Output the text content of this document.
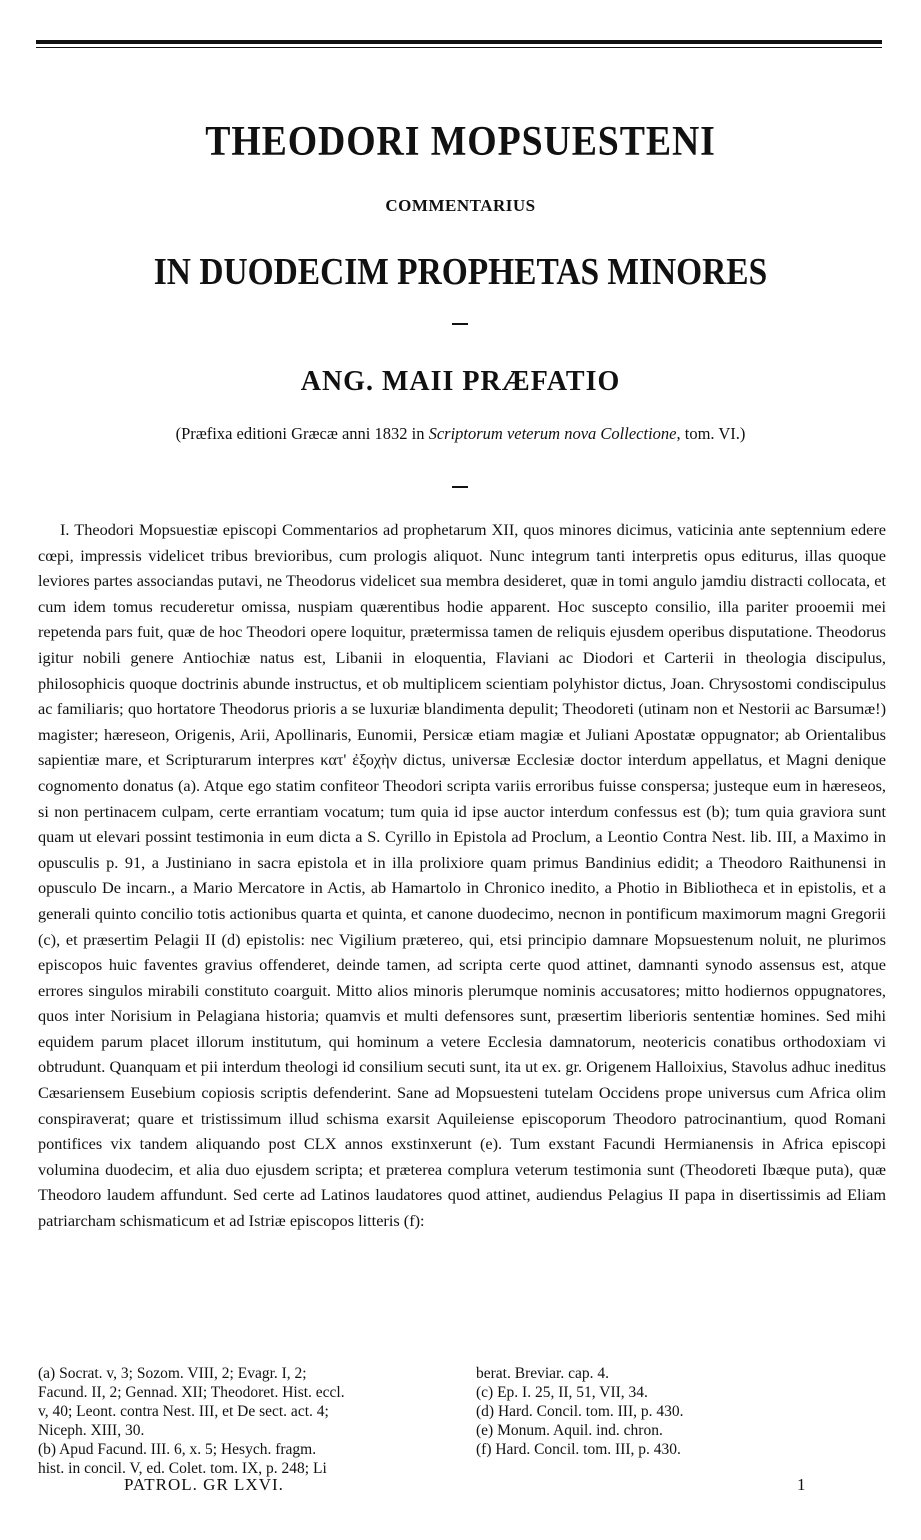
THEODORI MOPSUESTENI
COMMENTARIUS
IN DUODECIM PROPHETAS MINORES
ANG. MAII PRÆFATIO
(Præfixa editioni Græcæ anni 1832 in Scriptorum veterum nova Collectione, tom. VI.)

I. Theodori Mopsuestiæ episcopi Commentarios ad prophetarum XII, quos minores dicimus, vaticinia ante septennium edere cœpi, impressis videlicet tribus brevioribus, cum prologis aliquot. Nunc integrum tanti interpretis opus editurus, illas quoque leviores partes associandas putavi, ne Theodorus videlicet sua membra desideret, quæ in tomi angulo jamdiu distracti collocata, et cum idem tomus recuderetur omissa, nuspiam quærentibus hodie apparent. Hoc suscepto consilio, illa pariter prooemii mei repetenda pars fuit, quæ de hoc Theodori opere loquitur, prætermissa tamen de reliquis ejusdem operibus disputatione. Theodorus igitur nobili genere Antiochiæ natus est, Libanii in eloquentia, Flaviani ac Diodori et Carterii in theologia discipulus, philosophicis quoque doctrinis abunde instructus, et ob multiplicem scientiam polyhistor dictus, Joan. Chrysostomi condiscipulus ac familiaris; quo hortatore Theodorus prioris a se luxuriæ blandimenta depulit; Theodoreti (utinam non et Nestorii ac Barsumæ!) magister; hæreseon, Origenis, Arii, Apollinaris, Eunomii, Persicæ etiam magiæ et Juliani Apostatæ oppugnator; ab Orientalibus sapientiæ mare, et Scripturarum interpres κατ' ἐξοχὴν dictus, universæ Ecclesiæ doctor interdum appellatus, et Magni denique cognomento donatus (a). Atque ego statim confiteor Theodori scripta variis erroribus fuisse conspersa; justeque eum in hæreseos, si non pertinacem culpam, certe errantiam vocatum; tum quia id ipse auctor interdum confessus est (b); tum quia graviora sunt quam ut elevari possint testimonia in eum dicta a S. Cyrillo in Epistola ad Proclum, a Leontio Contra Nest. lib. III, a Maximo in opusculis p. 91, a Justiniano in sacra epistola et in illa prolixiore quam primus Bandinius edidit; a Theodoro Raithunensi in opusculo De incarn., a Mario Mercatore in Actis, ab Hamartolo in Chronico inedito, a Photio in Bibliotheca et in epistolis, et a generali quinto concilio totis actionibus quarta et quinta, et canone duodecimo, necnon in pontificum maximorum magni Gregorii (c), et præsertim Pelagii II (d) epistolis: nec Vigilium prætereo, qui, etsi principio damnare Mopsuestenum noluit, ne plurimos episcopos huic faventes gravius offenderet, deinde tamen, ad scripta certe quod attinet, damnanti synodo assensus est, atque errores singulos mirabili constituto coarguit. Mitto alios minoris plerumque nominis accusatores; mitto hodiernos oppugnatores, quos inter Norisium in Pelagiana historia; quamvis et multi defensores sunt, præsertim liberioris sententiæ homines. Sed mihi equidem parum placet illorum institutum, qui hominum a vetere Ecclesia damnatorum, neotericis conatibus orthodoxiam vi obtrudunt. Quanquam et pii interdum theologi id consilium secuti sunt, ita ut ex. gr. Origenem Halloixius, Stavolus adhuc ineditus Cæsariensem Eusebium copiosis scriptis defenderint. Sane ad Mopsuesteni tutelam Occidens prope universus cum Africa olim conspiraverat; quare et tristissimum illud schisma exarsit Aquileiense episcoporum Theodoro patrocinantium, quod Romani pontifices vix tandem aliquando post CLX annos exstinxerunt (e). Tum exstant Facundi Hermianensis in Africa episcopi volumina duodecim, et alia duo ejusdem scripta; et præterea complura veterum testimonia sunt (Theodoreti Ibæque puta), quæ Theodoro laudem affundunt. Sed certe ad Latinos laudatores quod attinet, audiendus Pelagius II papa in disertissimis ad Eliam patriarcham schismaticum et ad Istriæ episcopos litteris (f):

(a) Socrat. v, 3; Sozom. VIII, 2; Evagr. I, 2;
Facund. II, 2; Gennad. XII; Theodoret. Hist. eccl.
v, 40; Leont. contra Nest. III, et De sect. act. 4;
Niceph. XIII, 30.
(b) Apud Facund. III. 6, x. 5; Hesych. fragm.
hist. in concil. V, ed. Colet. tom. IX, p. 248; Li
berat. Breviar. cap. 4.
(c) Ep. I. 25, II, 51, VII, 34.
(d) Hard. Concil. tom. III, p. 430.
(e) Monum. Aquil. ind. chron.
(f) Hard. Concil. tom. III, p. 430.
PATROL. GR LXVI.	1
